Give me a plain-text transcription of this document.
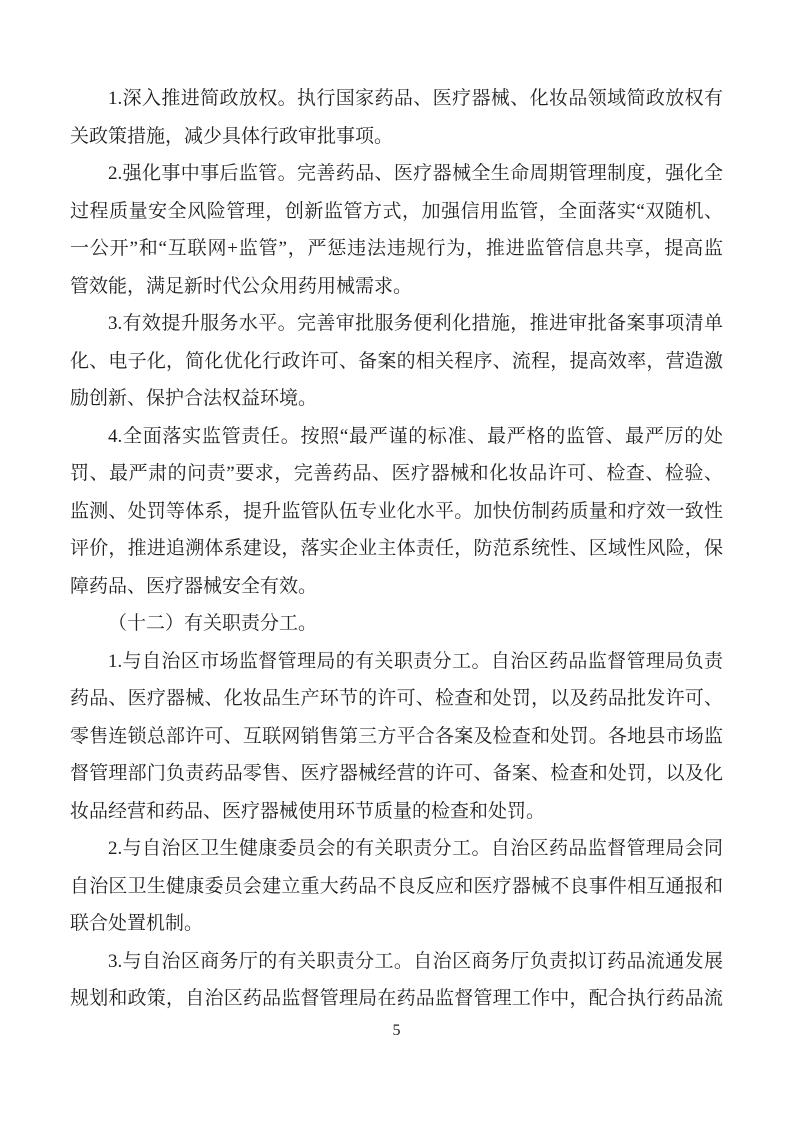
1.深入推进简政放权。执行国家药品、医疗器械、化妆品领域简政放权有
关政策措施，减少具体行政审批事项。
2.强化事中事后监管。完善药品、医疗器械全生命周期管理制度，强化全
过程质量安全风险管理，创新监管方式，加强信用监管，全面落实“双随机、
一公开”和“互联网+监管”，严惩违法违规行为，推进监管信息共享，提高监
管效能，满足新时代公众用药用械需求。
3.有效提升服务水平。完善审批服务便利化措施，推进审批备案事项清单
化、电子化，简化优化行政许可、备案的相关程序、流程，提高效率，营造激
励创新、保护合法权益环境。
4.全面落实监管责任。按照“最严谨的标准、最严格的监管、最严厉的处
罚、最严肃的问责”要求，完善药品、医疗器械和化妆品许可、检查、检验、
监测、处罚等体系，提升监管队伍专业化水平。加快仿制药质量和疗效一致性
评价，推进追溯体系建设，落实企业主体责任，防范系统性、区域性风险，保
障药品、医疗器械安全有效。
（十二）有关职责分工。
1.与自治区市场监督管理局的有关职责分工。自治区药品监督管理局负责
药品、医疗器械、化妆品生产环节的许可、检查和处罚，以及药品批发许可、
零售连锁总部许可、互联网销售第三方平合各案及检查和处罚。各地县市场监
督管理部门负责药品零售、医疗器械经营的许可、备案、检查和处罚，以及化
妆品经营和药品、医疗器械使用环节质量的检查和处罚。
2.与自治区卫生健康委员会的有关职责分工。自治区药品监督管理局会同
自治区卫生健康委员会建立重大药品不良反应和医疗器械不良事件相互通报和
联合处置机制。
3.与自治区商务厅的有关职责分工。自治区商务厅负责拟订药品流通发展
规划和政策，自治区药品监督管理局在药品监督管理工作中，配合执行药品流
5
